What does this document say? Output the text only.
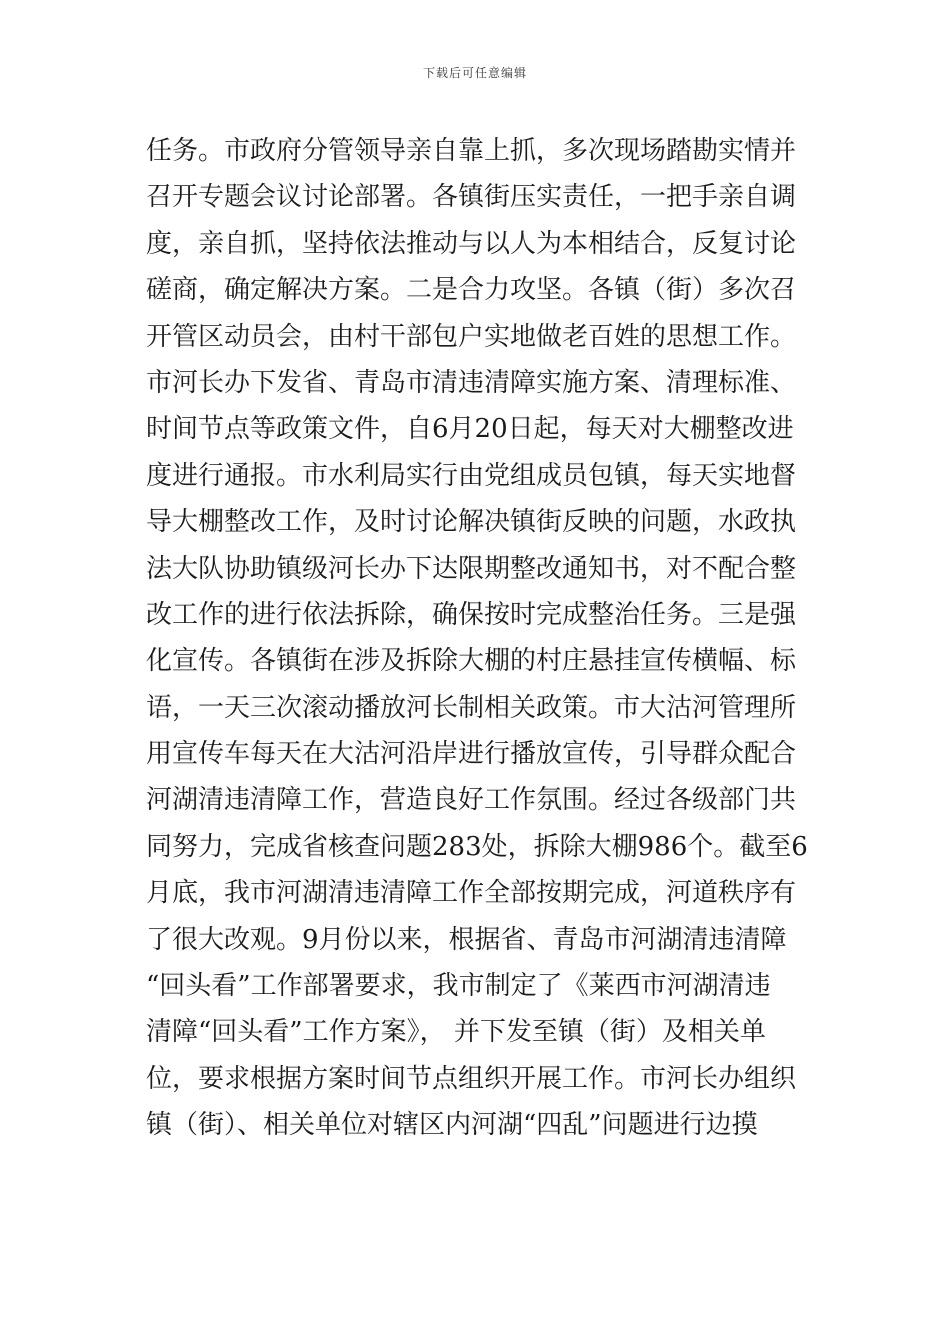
下载后可任意编辑
任务。市政府分管领导亲自靠上抓，多次现场踏勘实情并
召开专题会议讨论部署。各镇街压实责任，一把手亲自调
度，亲自抓，坚持依法推动与以人为本相结合，反复讨论
磋商，确定解决方案。二是合力攻坚。各镇（街）多次召
开管区动员会，由村干部包户实地做老百姓的思想工作。
市河长办下发省、青岛市清违清障实施方案、清理标准、
时间节点等政策文件，自6月20日起，每天对大棚整改进
度进行通报。市水利局实行由党组成员包镇，每天实地督
导大棚整改工作，及时讨论解决镇街反映的问题，水政执
法大队协助镇级河长办下达限期整改通知书，对不配合整
改工作的进行依法拆除，确保按时完成整治任务。三是强
化宣传。各镇街在涉及拆除大棚的村庄悬挂宣传横幅、标
语，一天三次滚动播放河长制相关政策。市大沽河管理所
用宣传车每天在大沽河沿岸进行播放宣传，引导群众配合
河湖清违清障工作，营造良好工作氛围。经过各级部门共
同努力，完成省核查问题283处，拆除大棚986个。截至6
月底，我市河湖清违清障工作全部按期完成，河道秩序有
了很大改观。9月份以来，根据省、青岛市河湖清违清障
“回头看”工作部署要求，我市制定了《莱西市河湖清违
清障“回头看”工作方案》， 并下发至镇（街）及相关单
位，要求根据方案时间节点组织开展工作。市河长办组织
镇（街）、相关单位对辖区内河湖“四乱”问题进行边摸
